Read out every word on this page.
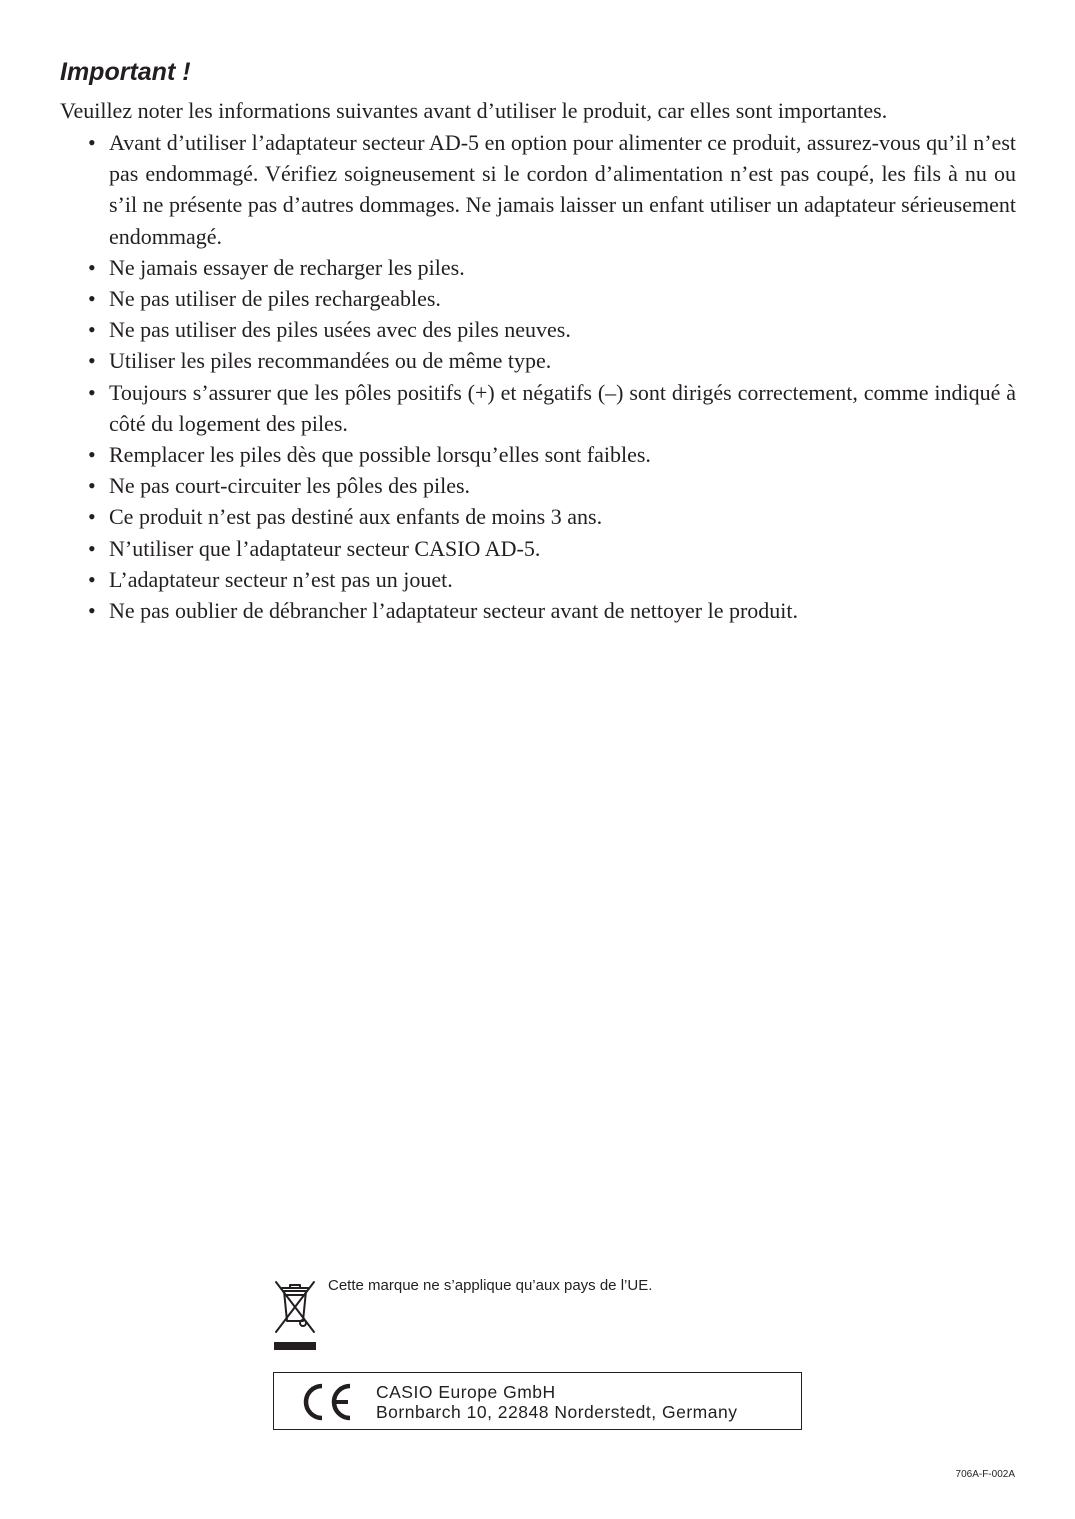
Important !

Veuillez noter les informations suivantes avant d’utiliser le produit, car elles sont importantes.

• Avant d’utiliser l’adaptateur secteur AD-5 en option pour alimenter ce produit, assurez-vous qu’il n’est pas endommagé. Vérifiez soigneusement si le cordon d’alimentation n’est pas coupé, les fils à nu ou s’il ne présente pas d’autres dommages. Ne jamais laisser un enfant utiliser un adaptateur sérieusement endommagé.
• Ne jamais essayer de recharger les piles.
• Ne pas utiliser de piles rechargeables.
• Ne pas utiliser des piles usées avec des piles neuves.
• Utiliser les piles recommandées ou de même type.
• Toujours s’assurer que les pôles positifs (+) et négatifs (–) sont dirigés correctement, comme indiqué à côté du logement des piles.
• Remplacer les piles dès que possible lorsqu’elles sont faibles.
• Ne pas court-circuiter les pôles des piles.
• Ce produit n’est pas destiné aux enfants de moins 3 ans.
• N’utiliser que l’adaptateur secteur CASIO AD-5.
• L’adaptateur secteur n’est pas un jouet.
• Ne pas oublier de débrancher l’adaptateur secteur avant de nettoyer le produit.

Cette marque ne s’applique qu’aux pays de l’UE.

CASIO Europe GmbH
Bornbarch 10, 22848 Norderstedt, Germany
706A-F-002A
